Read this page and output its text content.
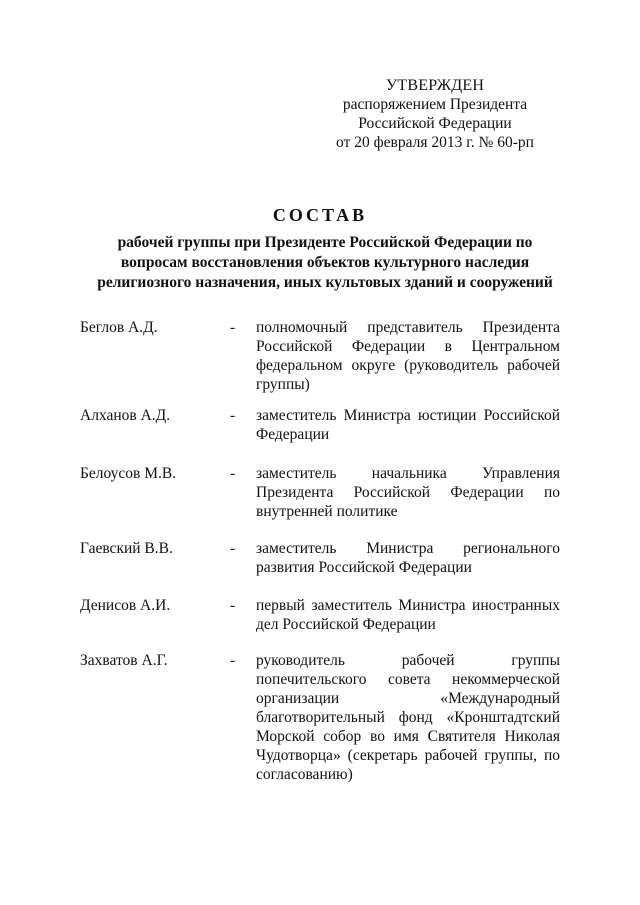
УТВЕРЖДЕН
распоряжением Президента
Российской Федерации
от 20 февраля 2013 г. № 60-рп
СОСТАВ
рабочей группы при Президенте Российской Федерации по
вопросам восстановления объектов культурного наследия
религиозного назначения, иных культовых зданий и сооружений
Беглов А.Д.	- полномочный представитель Президента Российской Федерации в Центральном федеральном округе (руководитель рабочей группы)
Алханов А.Д.	- заместитель Министра юстиции Российской Федерации
Белоусов М.В.	- заместитель начальника Управления Президента Российской Федерации по внутренней политике
Гаевский В.В.	- заместитель Министра регионального развития Российской Федерации
Денисов А.И.	- первый заместитель Министра иностранных дел Российской Федерации
Захватов А.Г.	- руководитель рабочей группы попечительского совета некоммерческой организации «Международный благотворительный фонд «Кронштадтский Морской собор во имя Святителя Николая Чудотворца» (секретарь рабочей группы, по согласованию)
